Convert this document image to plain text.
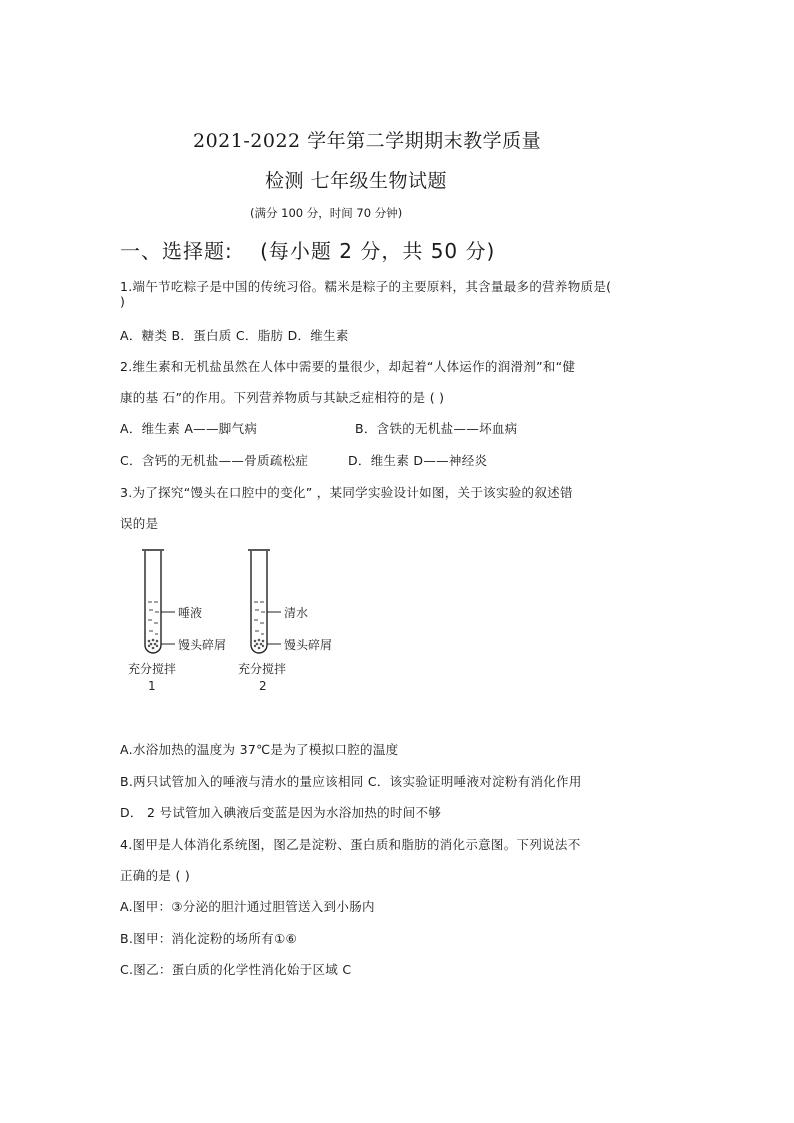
2021-2022 学年第二学期期末教学质量
检测 七年级生物试题
(满分 100 分，时间 70 分钟)
一、选择题: (每小题 2 分，共 50 分)
1.端午节吃粽子是中国的传统习俗。糯米是粽子的主要原料，其含量最多的营养物质是(
)
A．糖类 B．蛋白质 C．脂肪 D．维生素
2.维生素和无机盐虽然在人体中需要的量很少，却起着“人体运作的润滑剂”和“健
康的基 石”的作用。下列营养物质与其缺乏症相符的是 ( )
A．维生素 A——脚气病	B．含铁的无机盐——坏血病
C．含钙的无机盐——骨质疏松症	D．维生素 D——神经炎
3.为了探究“馒头在口腔中的变化” ，某同学实验设计如图，关于该实验的叙述错
误的是
唾液
馒头碎屑
充分搅拌
1
清水
馒头碎屑
充分搅拌
2
A.水浴加热的温度为 37℃是为了模拟口腔的温度
B.两只试管加入的唾液与清水的量应该相同 C．该实验证明唾液对淀粉有消化作用
D． 2 号试管加入碘液后变蓝是因为水浴加热的时间不够
4.图甲是人体消化系统图，图乙是淀粉、蛋白质和脂肪的消化示意图。下列说法不
正确的是 ( )
A.图甲：③分泌的胆汁通过胆管送入到小肠内
B.图甲：消化淀粉的场所有①⑥
C.图乙：蛋白质的化学性消化始于区域 C
